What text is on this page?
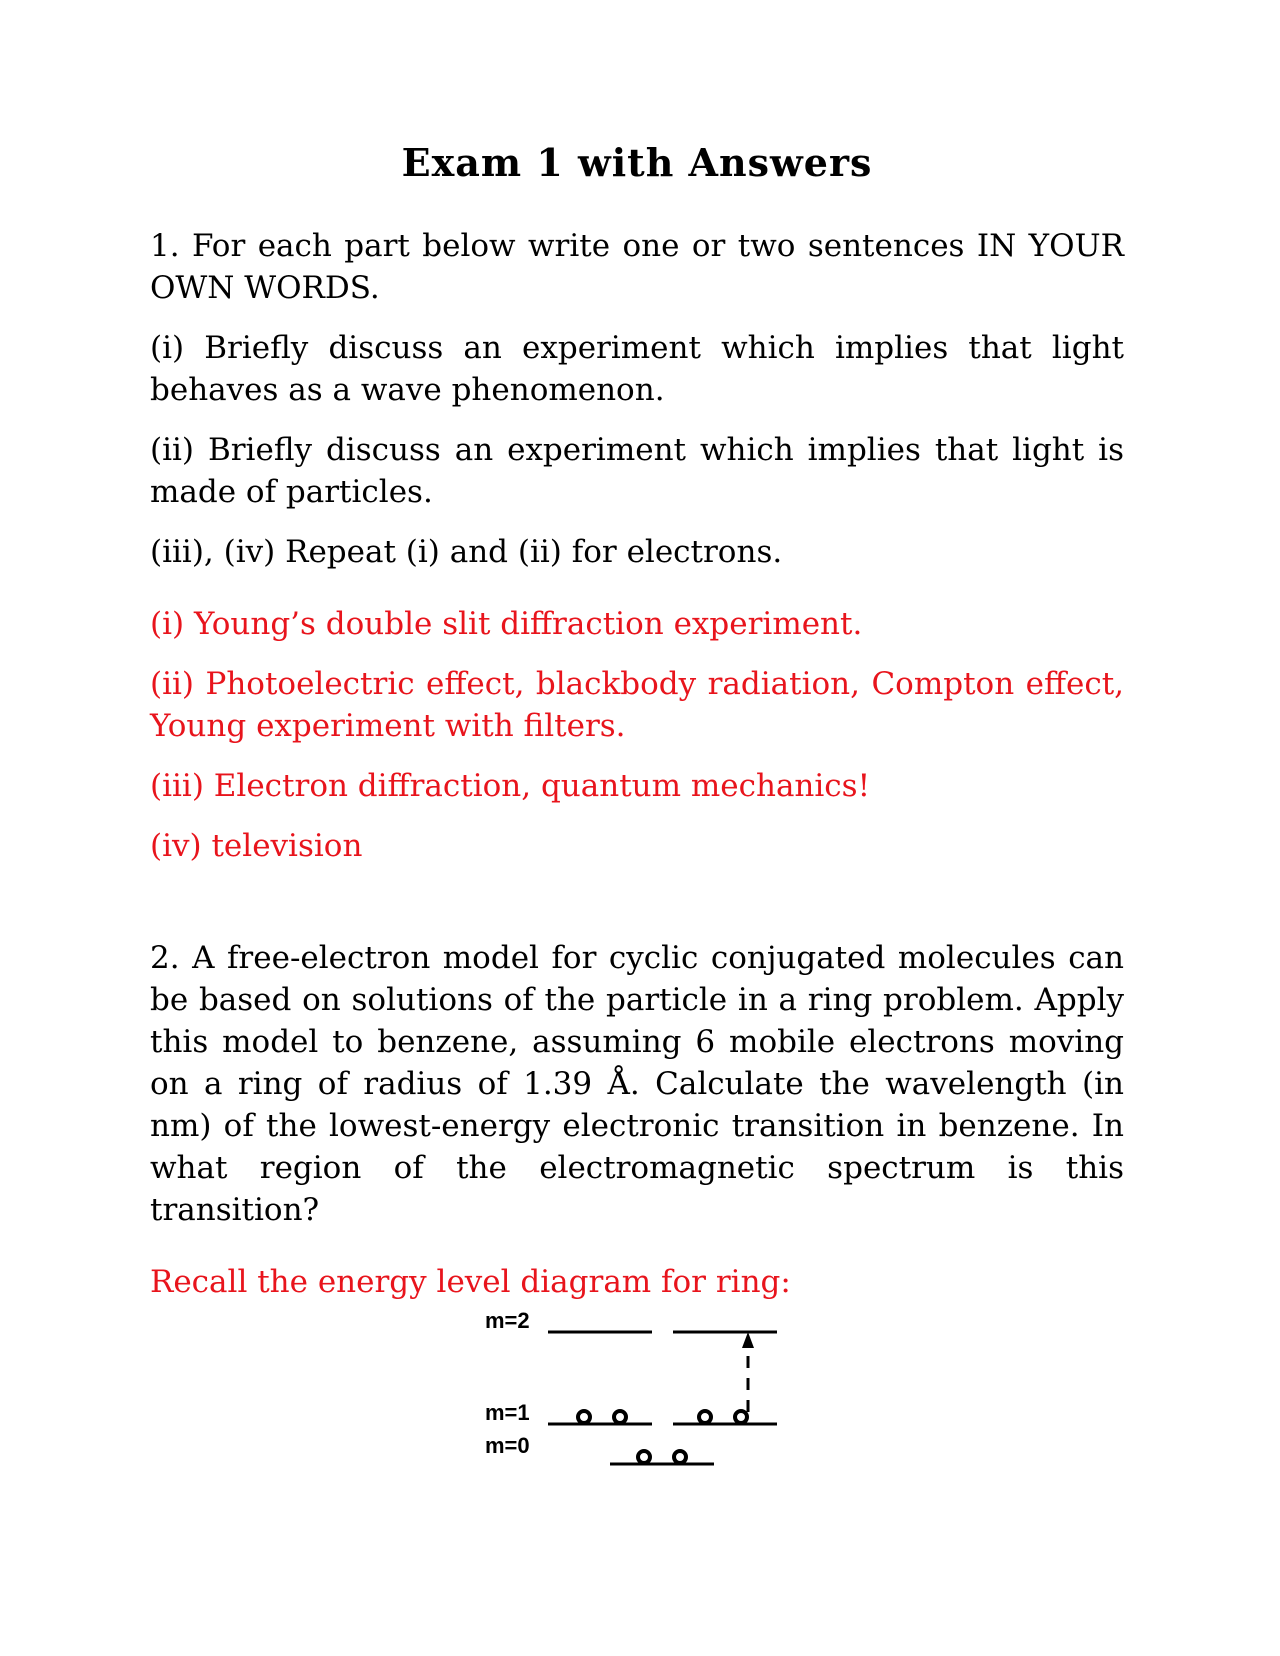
Exam 1 with Answers

1. For each part below write one or two sentences IN YOUR OWN WORDS.

(i) Briefly discuss an experiment which implies that light behaves as a wave phenomenon.

(ii) Briefly discuss an experiment which implies that light is made of particles.

(iii), (iv) Repeat (i) and (ii) for electrons.

(i) Young’s double slit diffraction experiment.

(ii) Photoelectric effect, blackbody radiation, Compton effect, Young experiment with filters.

(iii) Electron diffraction, quantum mechanics!

(iv) television

2. A free-electron model for cyclic conjugated molecules can be based on solutions of the particle in a ring problem. Apply this model to benzene, assuming 6 mobile electrons moving on a ring of radius of 1.39 Å. Calculate the wavelength (in nm) of the lowest-energy electronic transition in benzene. In what region of the electromagnetic spectrum is this transition?

Recall the energy level diagram for ring:

m=2
m=1
m=0
